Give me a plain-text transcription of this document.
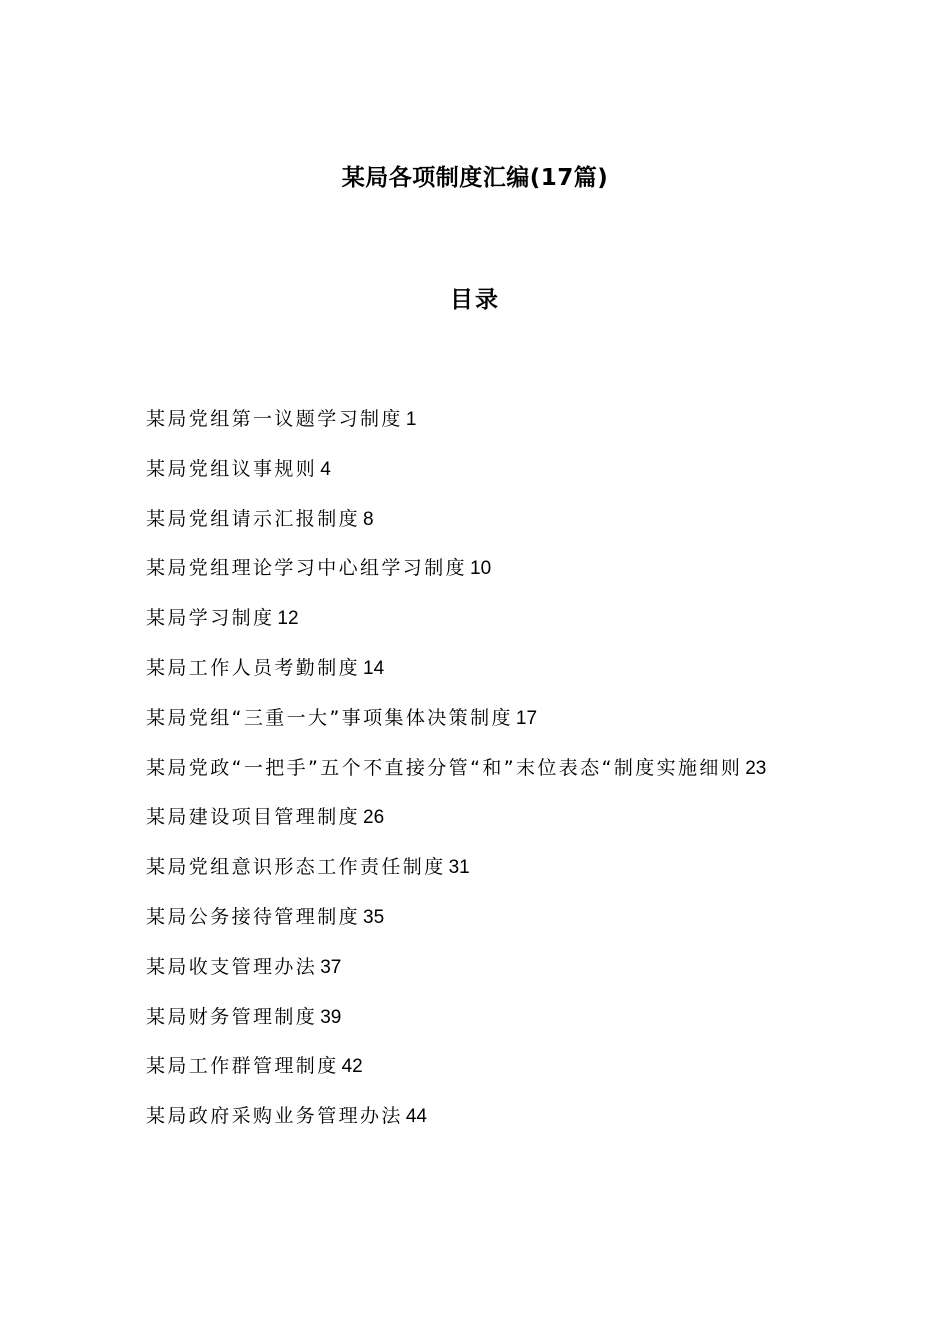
某局各项制度汇编(17篇)
目录
某局党组第一议题学习制度 1
某局党组议事规则 4
某局党组请示汇报制度 8
某局党组理论学习中心组学习制度 10
某局学习制度 12
某局工作人员考勤制度 14
某局党组“三重一大”事项集体决策制度 17
某局党政“一把手”五个不直接分管“和”末位表态“制度实施细则 23
某局建设项目管理制度 26
某局党组意识形态工作责任制度 31
某局公务接待管理制度 35
某局收支管理办法 37
某局财务管理制度 39
某局工作群管理制度 42
某局政府采购业务管理办法 44
